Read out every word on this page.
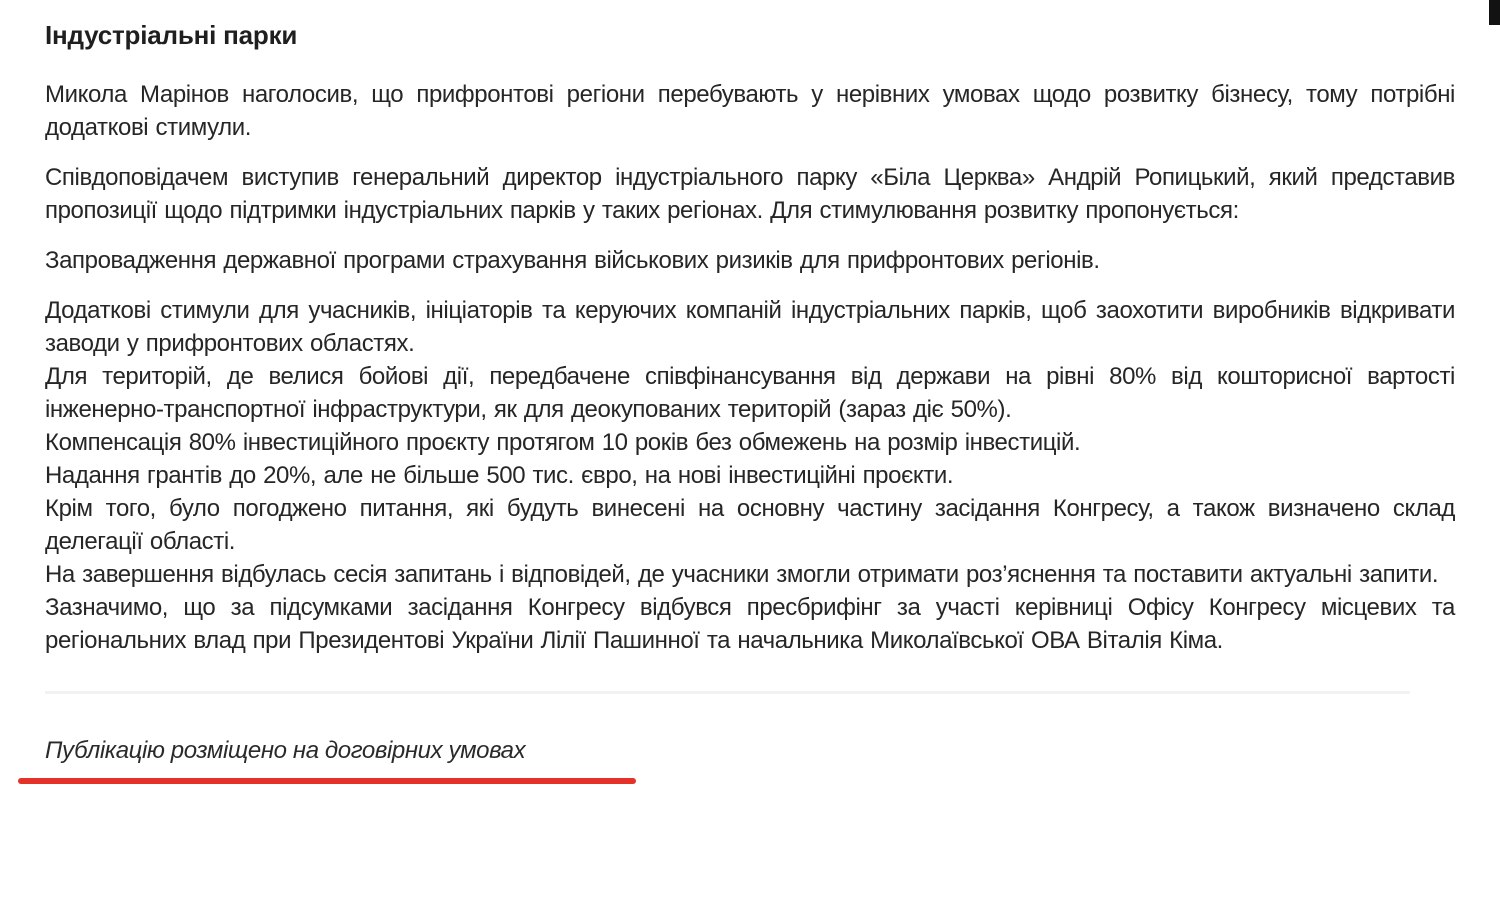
Індустріальні парки

Микола Марінов наголосив, що прифронтові регіони перебувають у нерівних умовах щодо розвитку бізнесу, тому потрібні додаткові стимули.

Співдоповідачем виступив генеральний директор індустріального парку «Біла Церква» Андрій Ропицький, який представив пропозиції щодо підтримки індустріальних парків у таких регіонах. Для стимулювання розвитку пропонується:

Запровадження державної програми страхування військових ризиків для прифронтових регіонів.

Додаткові стимули для учасників, ініціаторів та керуючих компаній індустріальних парків, щоб заохотити виробників відкривати заводи у прифронтових областях.

Для територій, де велися бойові дії, передбачене співфінансування від держави на рівні 80% від кошторисної вартості інженерно-транспортної інфраструктури, як для деокупованих територій (зараз діє 50%).

Компенсація 80% інвестиційного проєкту протягом 10 років без обмежень на розмір інвестицій.

Надання грантів до 20%, але не більше 500 тис. євро, на нові інвестиційні проєкти.

Крім того, було погоджено питання, які будуть винесені на основну частину засідання Конгресу, а також визначено склад делегації області.

На завершення відбулась сесія запитань і відповідей, де учасники змогли отримати роз’яснення та поставити актуальні запити.

Зазначимо, що за підсумками засідання Конгресу відбувся пресбрифінг за участі керівниці Офісу Конгресу місцевих та регіональних влад при Президентові України Лілії Пашинної та начальника Миколаївської ОВА Віталія Кіма.

Публікацію розміщено на договірних умовах
